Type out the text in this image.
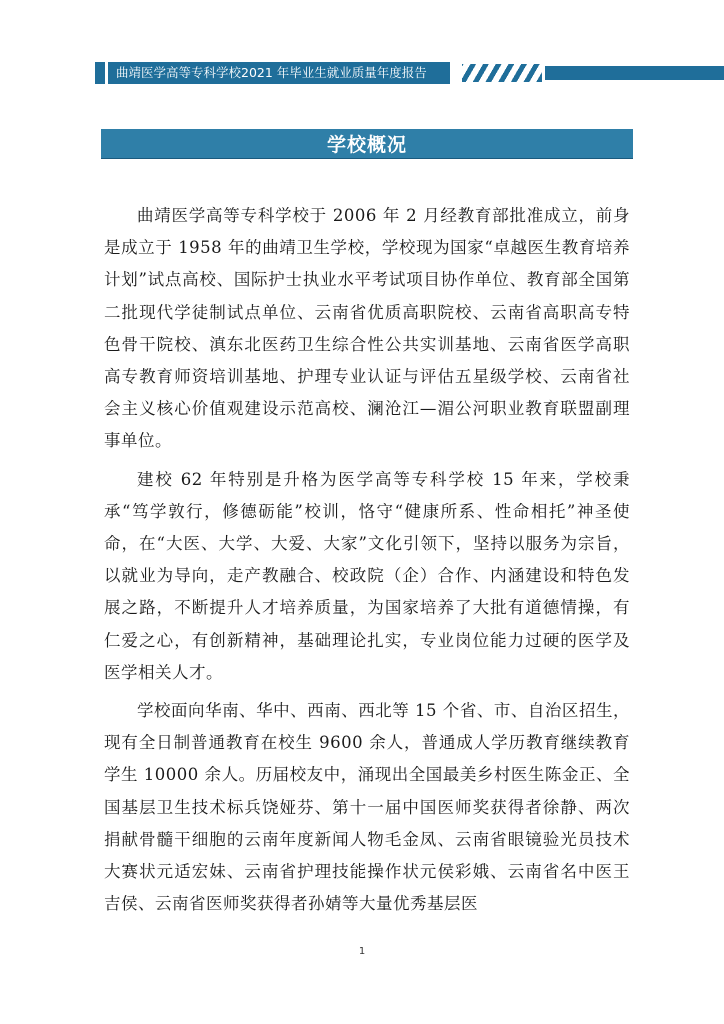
曲靖医学高等专科学校2021 年毕业生就业质量年度报告
学校概况

曲靖医学高等专科学校于 2006 年 2 月经教育部批准成立，前身是成立于 1958 年的曲靖卫生学校，学校现为国家“卓越医生教育培养计划”试点高校、国际护士执业水平考试项目协作单位、教育部全国第二批现代学徒制试点单位、云南省优质高职院校、云南省高职高专特色骨干院校、滇东北医药卫生综合性公共实训基地、云南省医学高职高专教育师资培训基地、护理专业认证与评估五星级学校、云南省社会主义核心价值观建设示范高校、澜沧江—湄公河职业教育联盟副理事单位。

建校 62 年特别是升格为医学高等专科学校 15 年来，学校秉承“笃学敦行，修德砺能”校训，恪守“健康所系、性命相托”神圣使命，在“大医、大学、大爱、大家”文化引领下，坚持以服务为宗旨，以就业为导向，走产教融合、校政院（企）合作、内涵建设和特色发展之路，不断提升人才培养质量，为国家培养了大批有道德情操，有仁爱之心，有创新精神，基础理论扎实，专业岗位能力过硬的医学及医学相关人才。

学校面向华南、华中、西南、西北等 15 个省、市、自治区招生，现有全日制普通教育在校生 9600 余人，普通成人学历教育继续教育学生 10000 余人。历届校友中，涌现出全国最美乡村医生陈金正、全国基层卫生技术标兵饶娅芬、第十一届中国医师奖获得者徐静、两次捐献骨髓干细胞的云南年度新闻人物毛金凤、云南省眼镜验光员技术大赛状元适宏妹、云南省护理技能操作状元侯彩娥、云南省名中医王吉侯、云南省医师奖获得者孙婧等大量优秀基层医

1
